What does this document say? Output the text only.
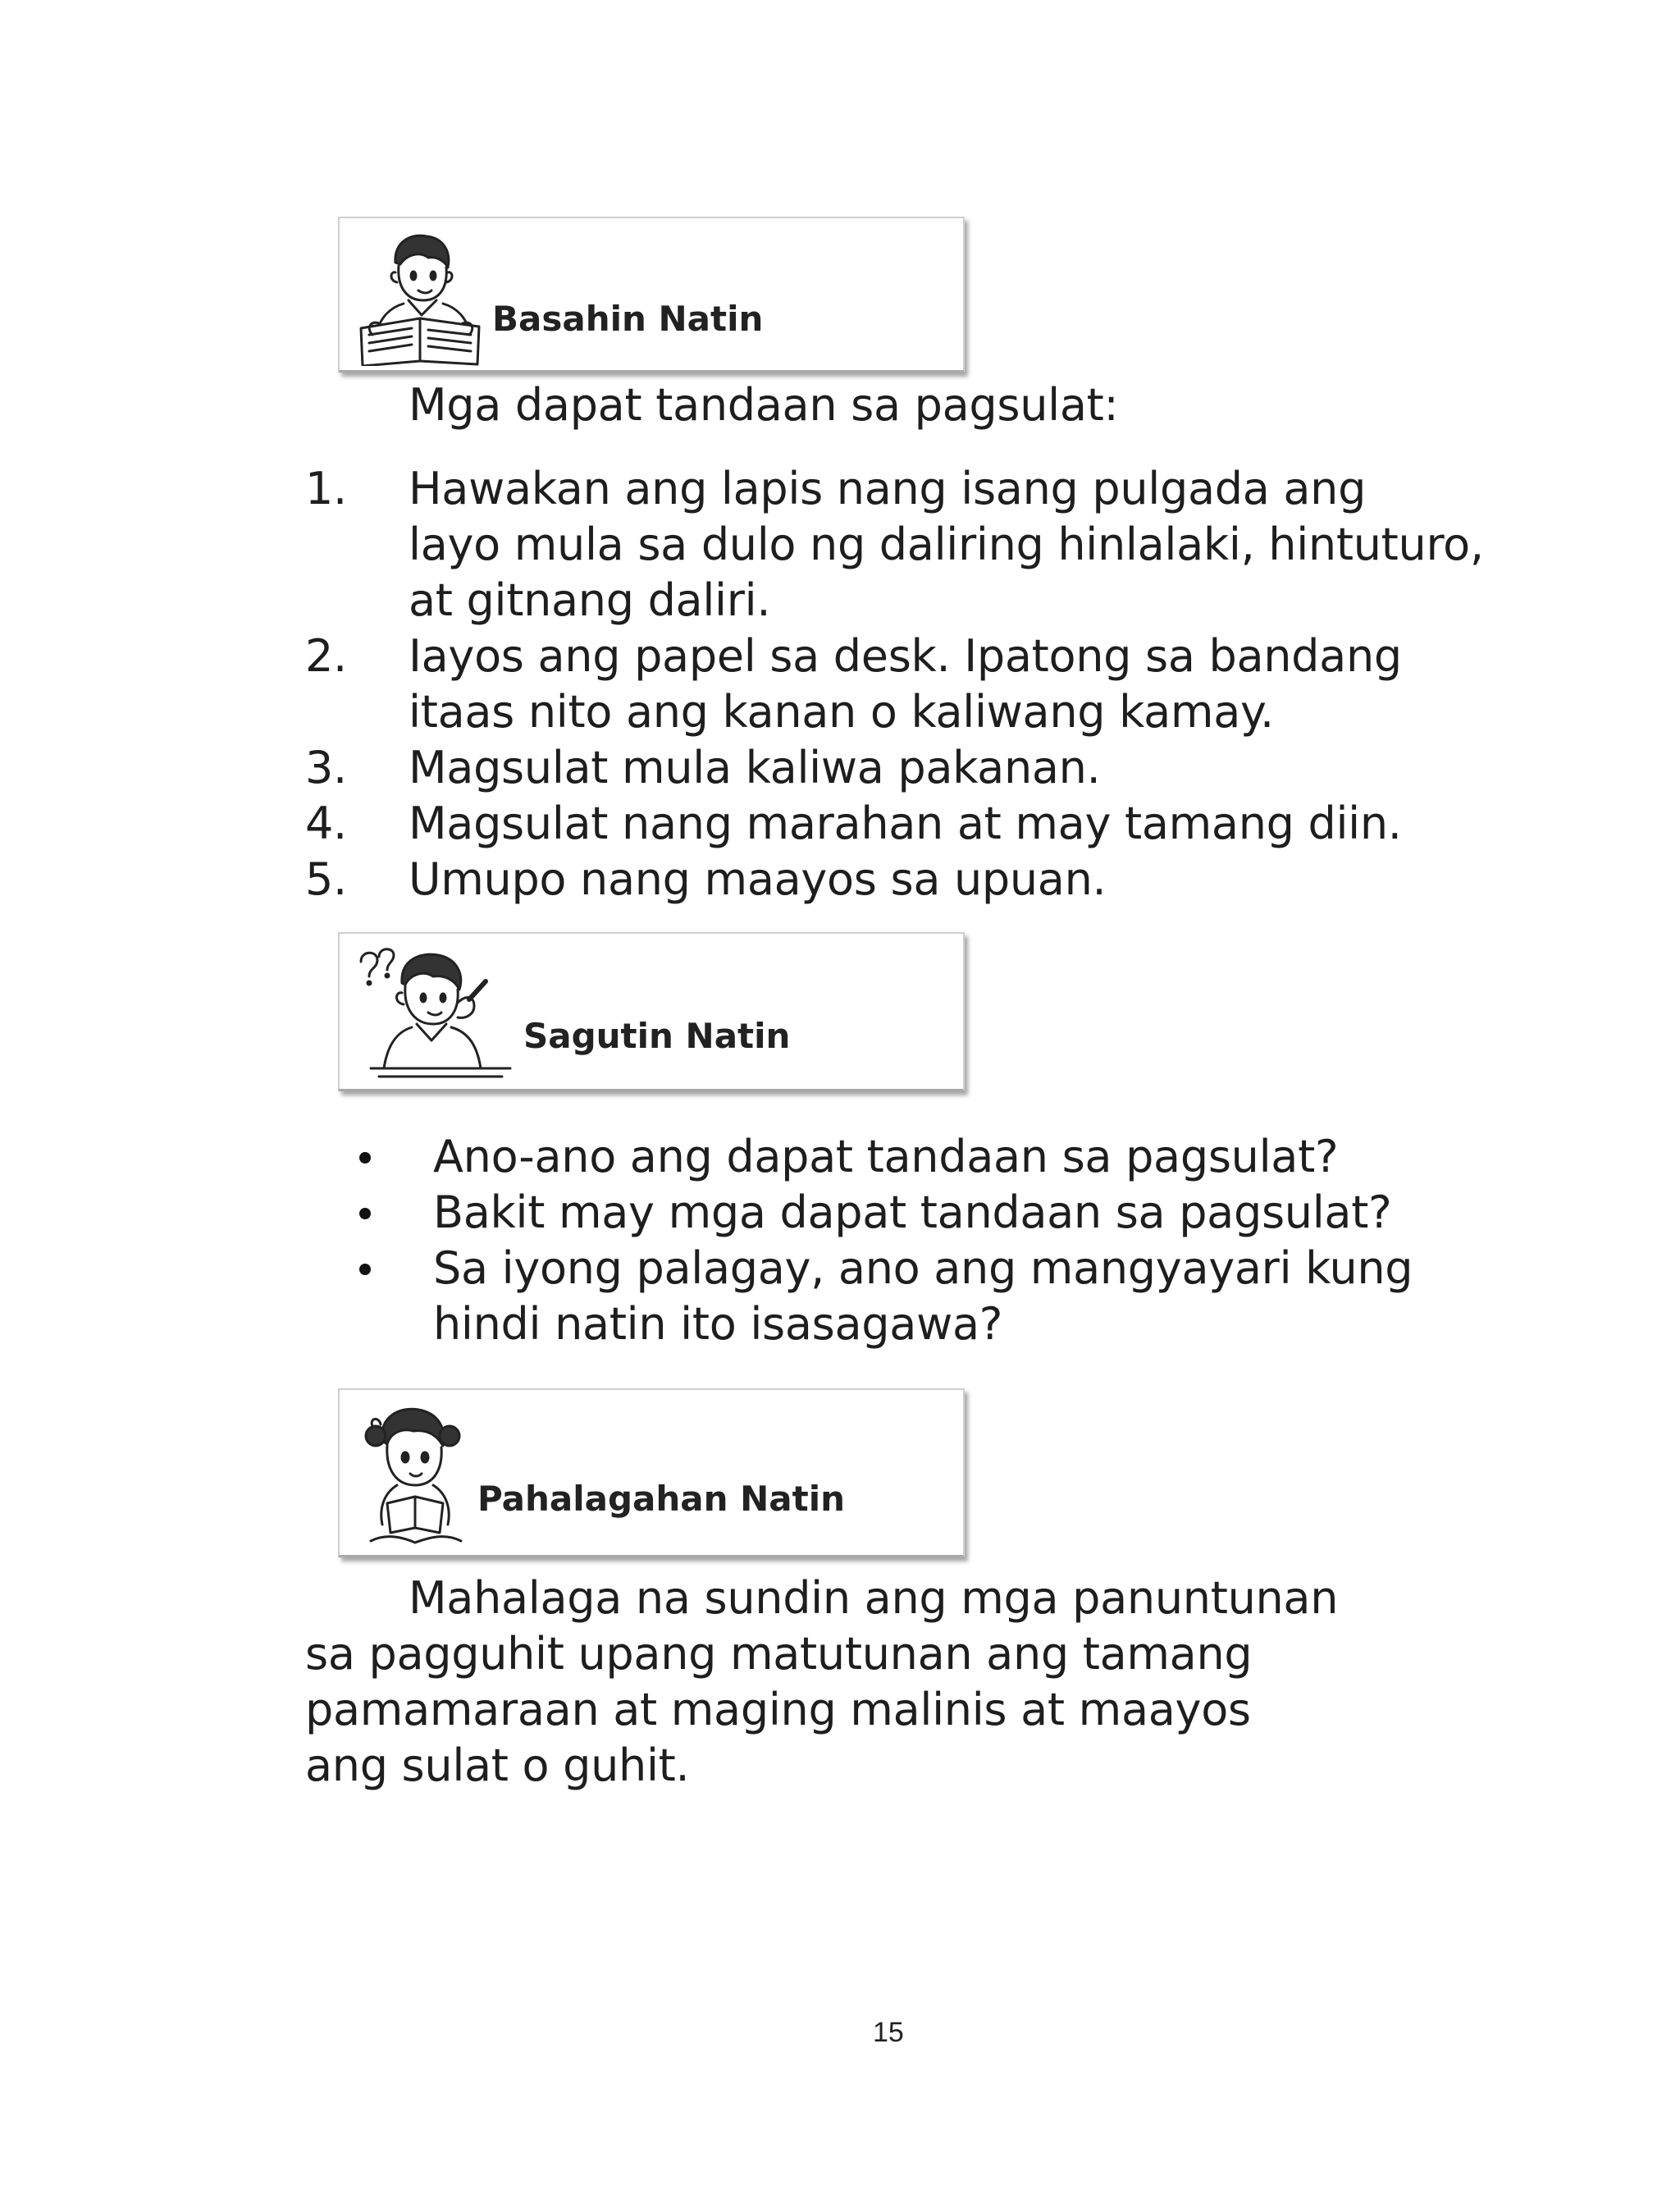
Basahin Natin
Mga dapat tandaan sa pagsulat:
1. Hawakan ang lapis nang isang pulgada ang
layo mula sa dulo ng daliring hinlalaki, hintuturo,
at gitnang daliri.
2. Iayos ang papel sa desk. Ipatong sa bandang
itaas nito ang kanan o kaliwang kamay.
3. Magsulat mula kaliwa pakanan.
4. Magsulat nang marahan at may tamang diin.
5. Umupo nang maayos sa upuan.
Sagutin Natin
Ano-ano ang dapat tandaan sa pagsulat?
Bakit may mga dapat tandaan sa pagsulat?
Sa iyong palagay, ano ang mangyayari kung
hindi natin ito isasagawa?
Pahalagahan Natin
Mahalaga na sundin ang mga panuntunan
sa pagguhit upang matutunan ang tamang
pamamaraan at maging malinis at maayos
ang sulat o guhit.
15
